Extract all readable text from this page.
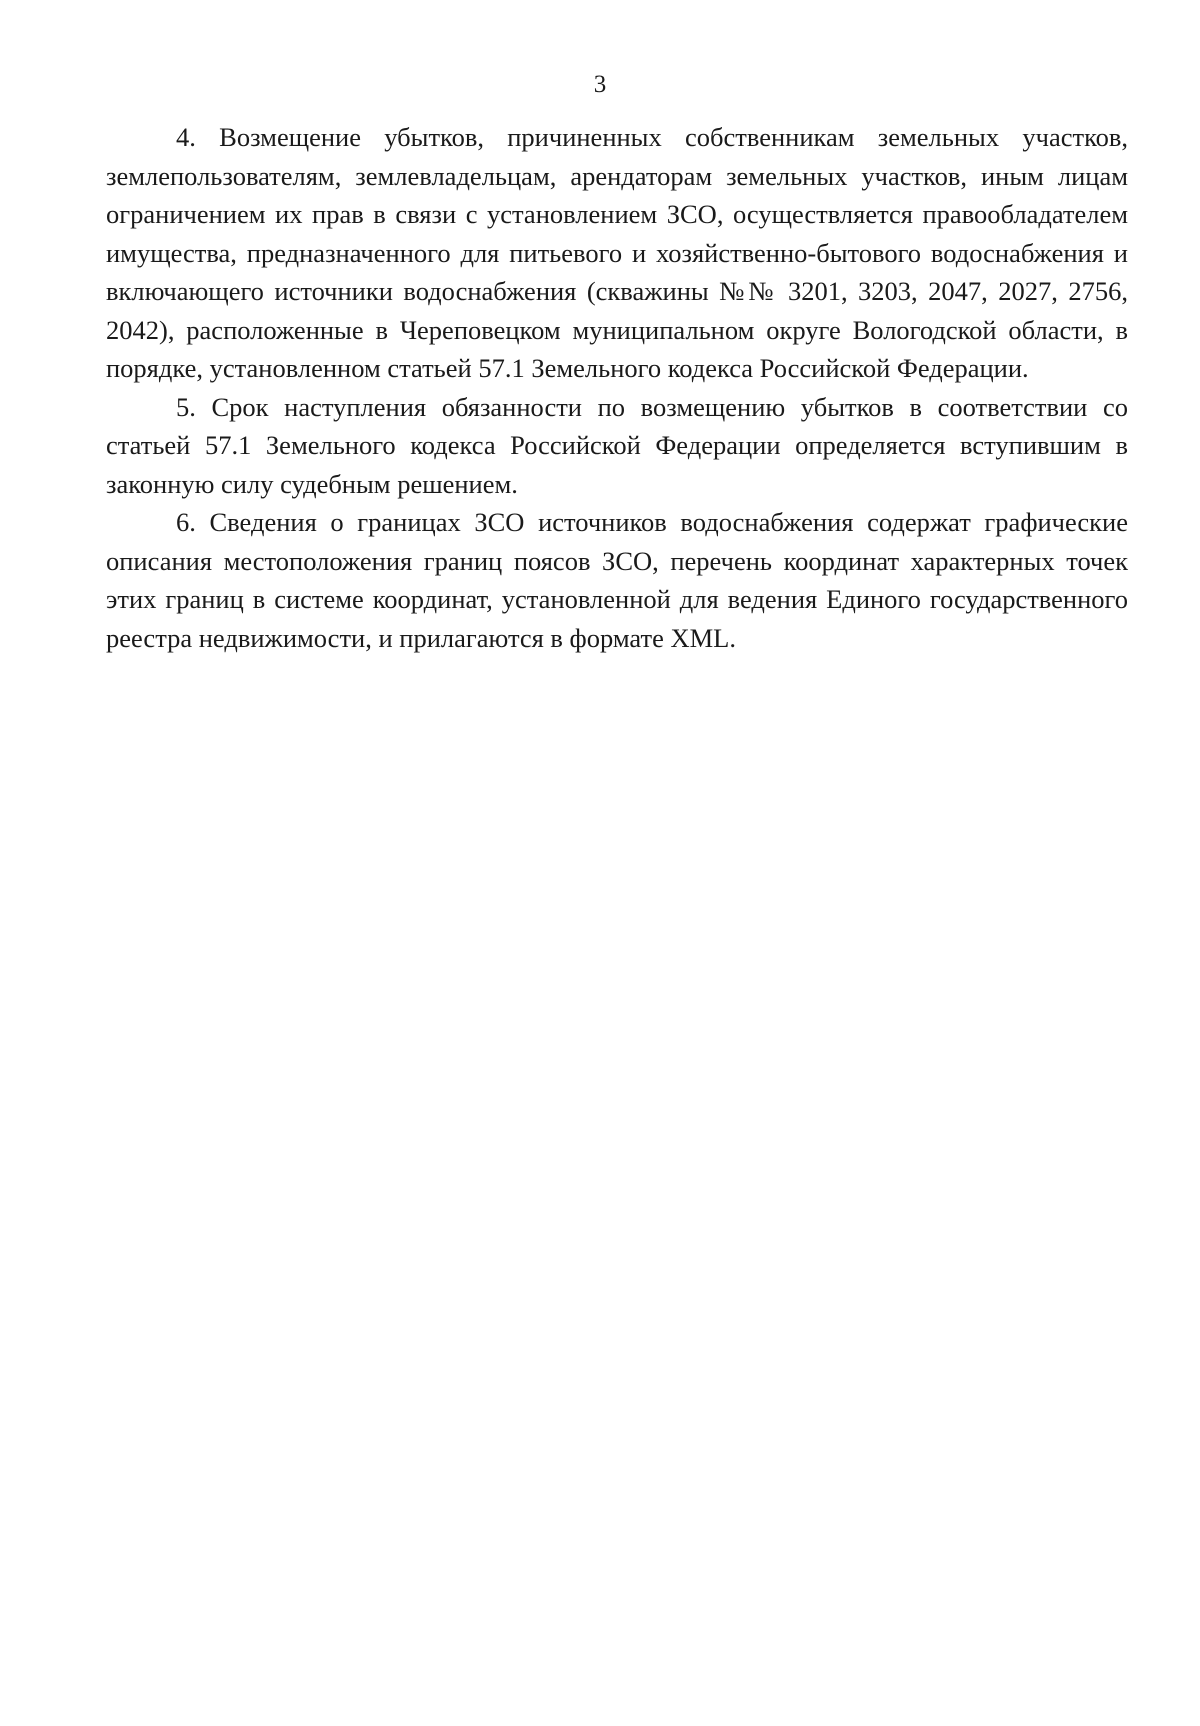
3

4. Возмещение убытков, причиненных собственникам земельных участков, землепользователям, землевладельцам, арендаторам земельных участков, иным лицам ограничением их прав в связи с установлением ЗСО, осуществляется правообладателем имущества, предназначенного для питьевого и хозяйственно-бытового водоснабжения и включающего источники водоснабжения (скважины №№ 3201, 3203, 2047, 2027, 2756, 2042), расположенные в Череповецком муниципальном округе Вологодской области, в порядке, установленном статьей 57.1 Земельного кодекса Российской Федерации.

5. Срок наступления обязанности по возмещению убытков в соответствии со статьей 57.1 Земельного кодекса Российской Федерации определяется вступившим в законную силу судебным решением.

6. Сведения о границах ЗСО источников водоснабжения содержат графические описания местоположения границ поясов ЗСО, перечень координат характерных точек этих границ в системе координат, установленной для ведения Единого государственного реестра недвижимости, и прилагаются в формате XML.
